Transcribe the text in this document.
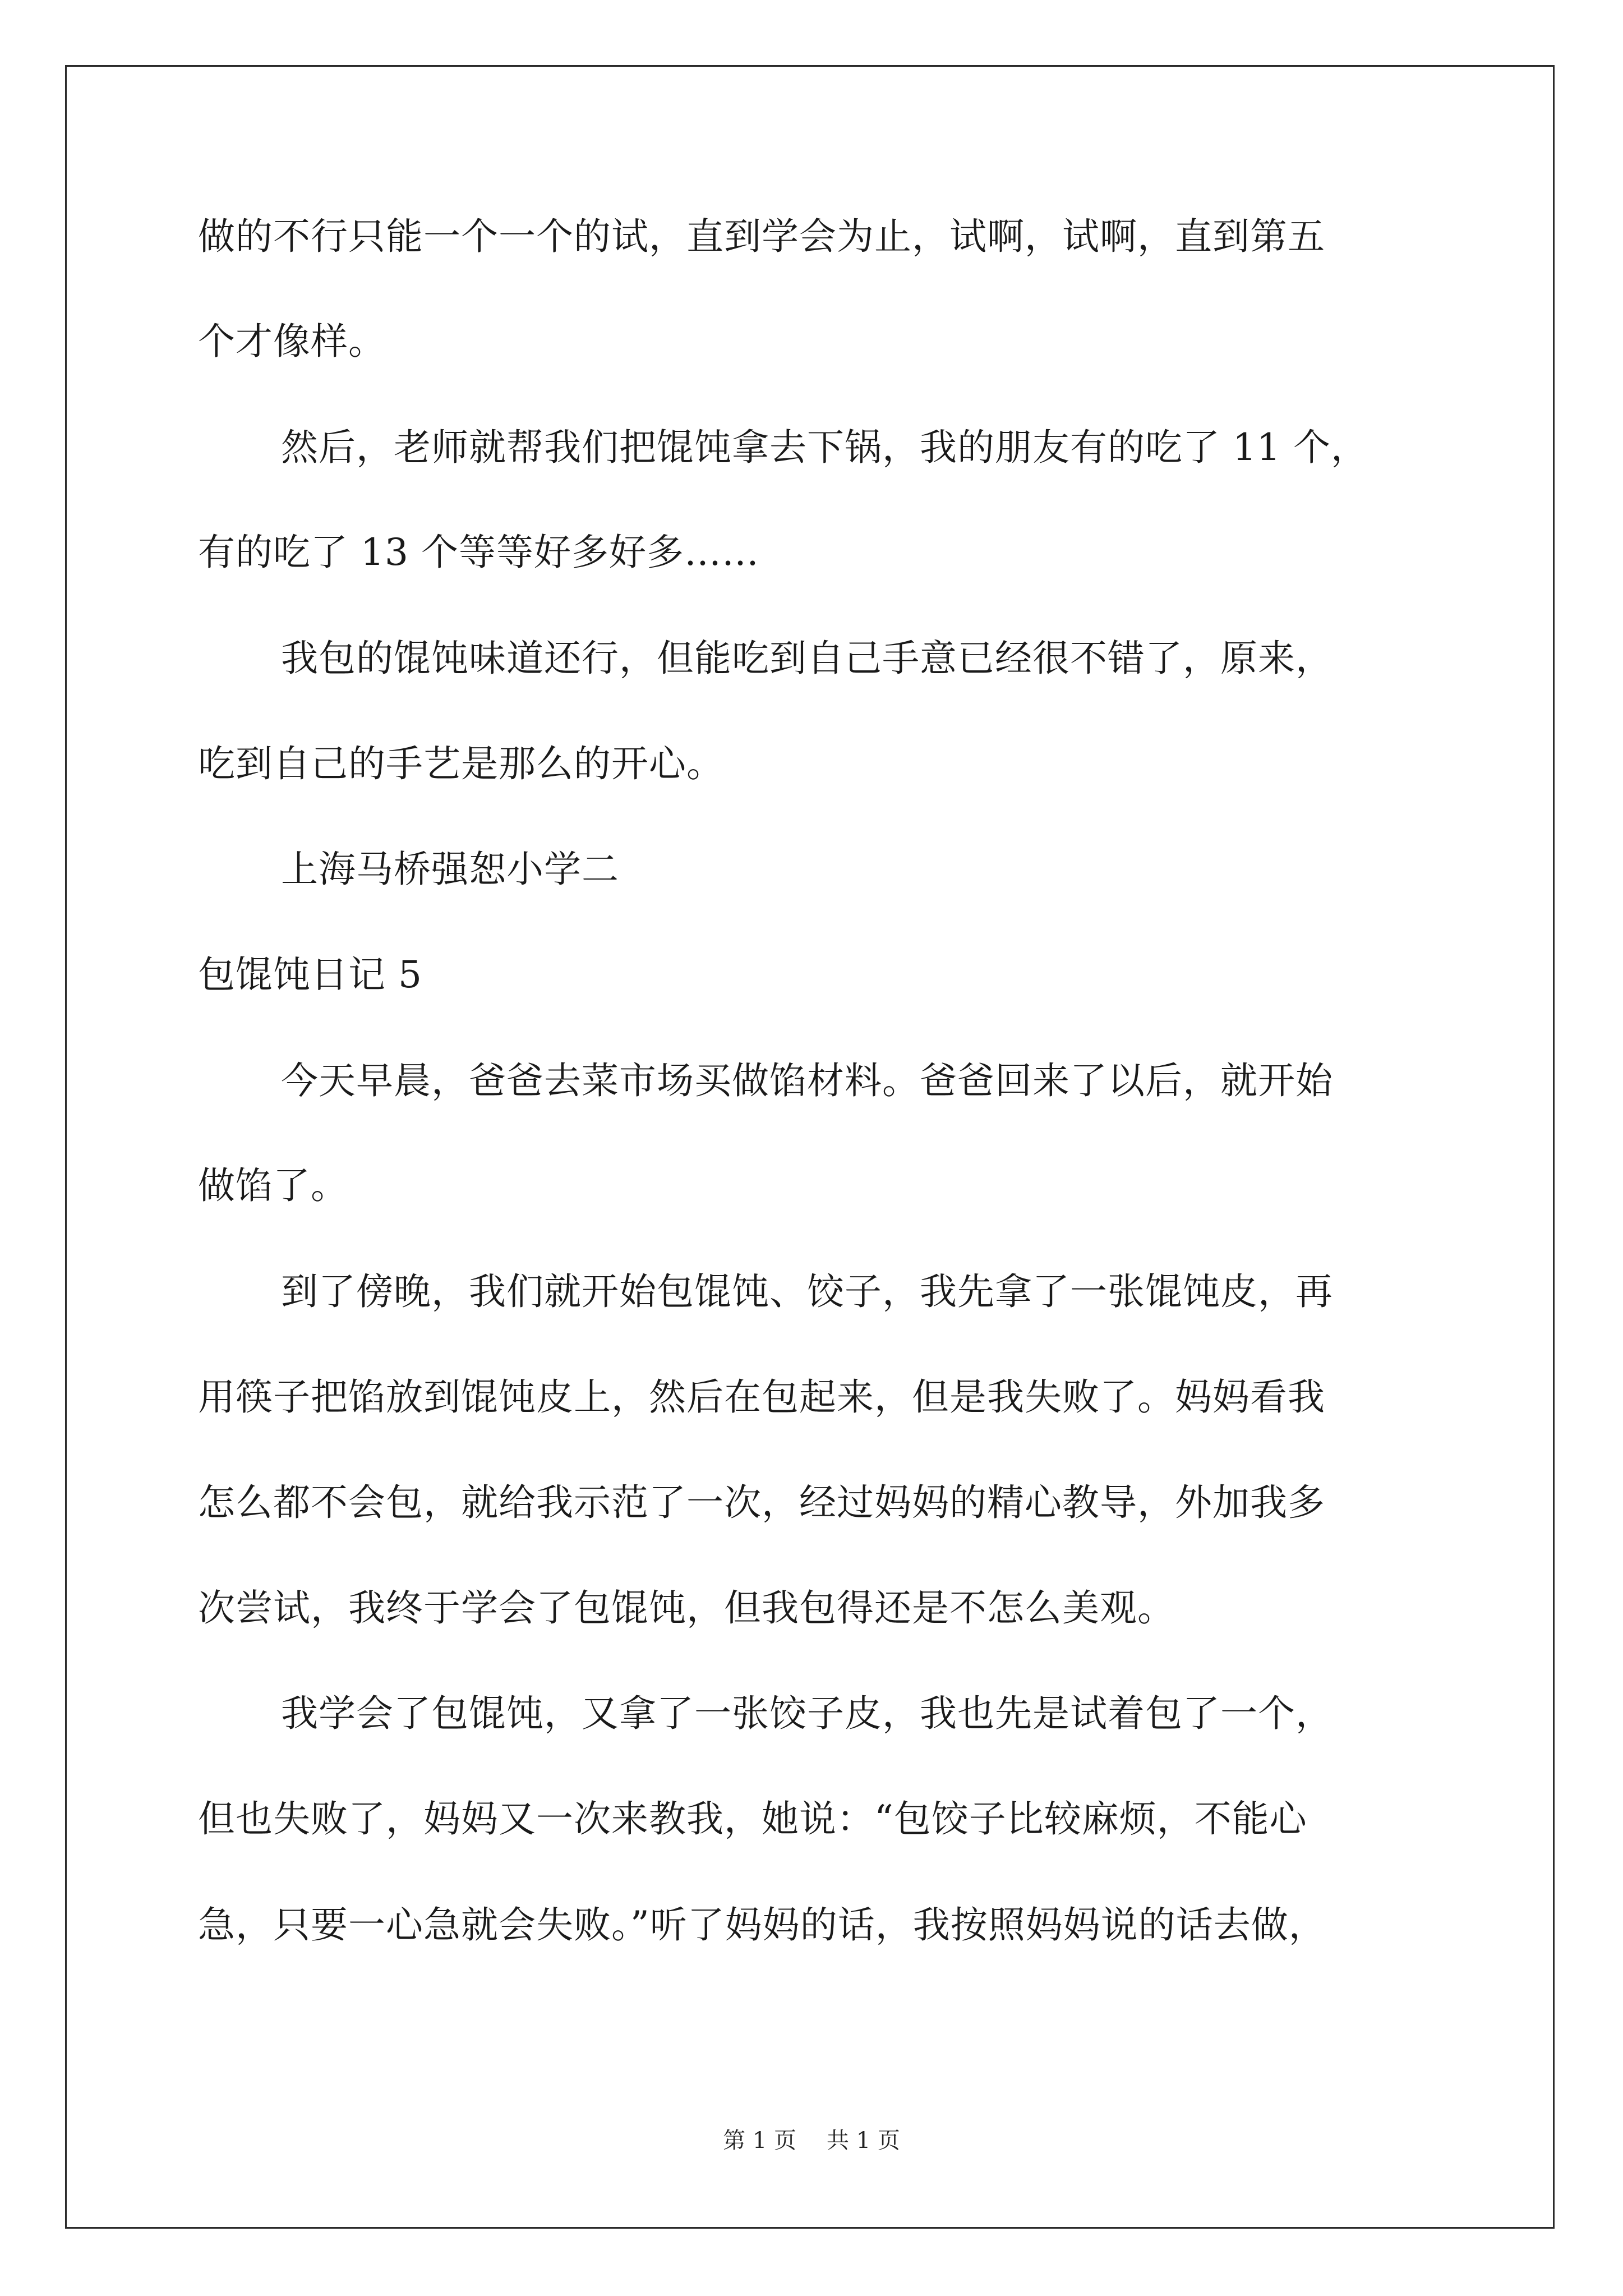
做的不行只能一个一个的试，直到学会为止，试啊，试啊，直到第五

个才像样。

然后，老师就帮我们把馄饨拿去下锅，我的朋友有的吃了 11 个，

有的吃了 13 个等等好多好多……

我包的馄饨味道还行，但能吃到自己手意已经很不错了，原来，

吃到自己的手艺是那么的开心。

上海马桥强恕小学二

包馄饨日记 5

今天早晨，爸爸去菜市场买做馅材料。爸爸回来了以后，就开始

做馅了。

到了傍晚，我们就开始包馄饨、饺子，我先拿了一张馄饨皮，再

用筷子把馅放到馄饨皮上，然后在包起来，但是我失败了。妈妈看我

怎么都不会包，就给我示范了一次，经过妈妈的精心教导，外加我多

次尝试，我终于学会了包馄饨，但我包得还是不怎么美观。

我学会了包馄饨，又拿了一张饺子皮，我也先是试着包了一个，

但也失败了，妈妈又一次来教我，她说：“包饺子比较麻烦，不能心

急，只要一心急就会失败。”听了妈妈的话，我按照妈妈说的话去做，

第 1 页 共 1 页
